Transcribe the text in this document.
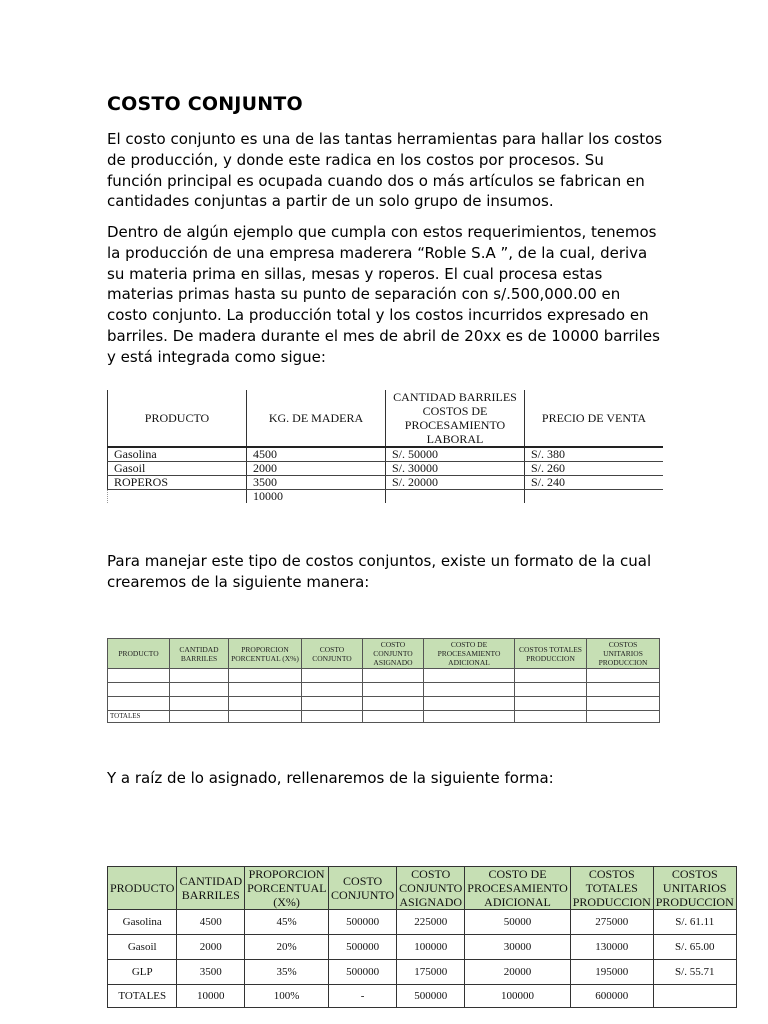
COSTO CONJUNTO

El costo conjunto es una de las tantas herramientas para hallar los costos de producción, y donde este radica en los costos por procesos. Su función principal es ocupada cuando dos o más artículos se fabrican en cantidades conjuntas a partir de un solo grupo de insumos.

Dentro de algún ejemplo que cumpla con estos requerimientos, tenemos la producción de una empresa maderera “Roble S.A ”, de la cual, deriva su materia prima en sillas, mesas y roperos. El cual procesa estas materias primas hasta su punto de separación con s/.500,000.00 en costo conjunto. La producción total y los costos incurridos expresado en barriles. De madera durante el mes de abril de 20xx es de 10000 barriles y está integrada como sigue:

PRODUCTO	KG. DE MADERA	CANTIDAD BARRILES COSTOS DE PROCESAMIENTO LABORAL	PRECIO DE VENTA
Gasolina	4500	S/. 50000	S/. 380
Gasoil	2000	S/. 30000	S/. 260
ROPEROS	3500	S/. 20000	S/. 240
	10000		

Para manejar este tipo de costos conjuntos, existe un formato de la cual crearemos de la siguiente manera:

PRODUCTO	CANTIDAD BARRILES	PROPORCION PORCENTUAL (X%)	COSTO CONJUNTO	COSTO CONJUNTO ASIGNADO	COSTO DE PROCESAMIENTO ADICIONAL	COSTOS TOTALES PRODUCCION	COSTOS UNITARIOS PRODUCCION

TOTALES							

Y a raíz de lo asignado, rellenaremos de la siguiente forma:

PRODUCTO	CANTIDAD BARRILES	PROPORCION PORCENTUAL (X%)	COSTO CONJUNTO	COSTO CONJUNTO ASIGNADO	COSTO DE PROCESAMIENTO ADICIONAL	COSTOS TOTALES PRODUCCION	COSTOS UNITARIOS PRODUCCION
Gasolina	4500	45%	500000	225000	50000	275000	S/. 61.11
Gasoil	2000	20%	500000	100000	30000	130000	S/. 65.00
GLP	3500	35%	500000	175000	20000	195000	S/. 55.71
TOTALES	10000	100%	-	500000	100000	600000	
